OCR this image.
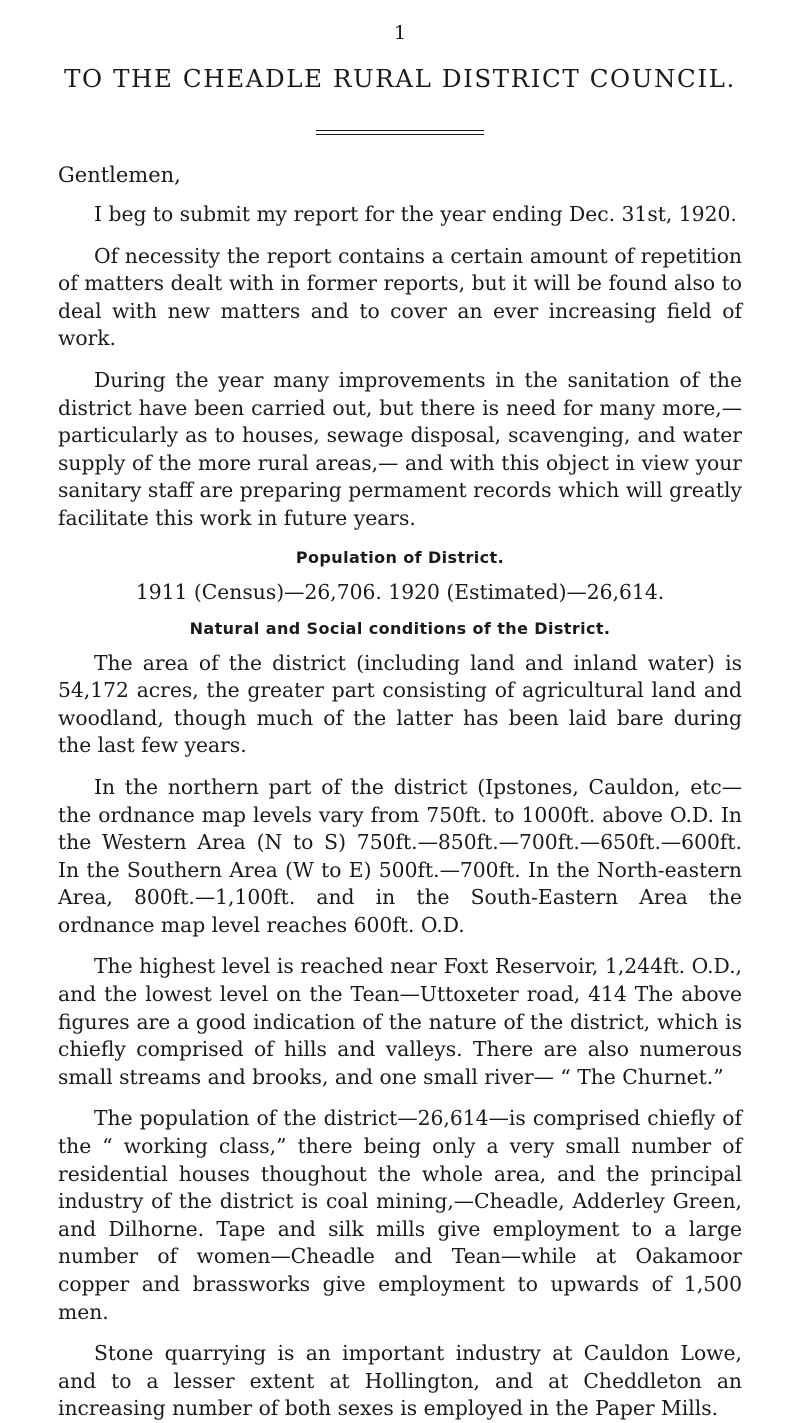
1
TO THE CHEADLE RURAL DISTRICT COUNCIL.
Gentlemen,

I beg to submit my report for the year ending Dec. 31st, 1920.

Of necessity the report contains a certain amount of repetition of matters dealt with in former reports, but it will be found also to deal with new matters and to cover an ever increasing field of work.

During the year many improvements in the sanitation of the district have been carried out, but there is need for many more,— particularly as to houses, sewage disposal, scavenging, and water supply of the more rural areas,— and with this object in view your sanitary staff are preparing permament records which will greatly facilitate this work in future years.

Population of District.
1911 (Census)—26,706. 1920 (Estimated)—26,614.
Natural and Social conditions of the District.

The area of the district (including land and inland water) is 54,172 acres, the greater part consisting of agricultural land and woodland, though much of the latter has been laid bare during the last few years.

In the northern part of the district (Ipstones, Cauldon, etc— the ordnance map levels vary from 750ft. to 1000ft. above O.D. In the Western Area (N to S) 750ft.—850ft.—700ft.—650ft.—600ft. In the Southern Area (W to E) 500ft.—700ft. In the North-eastern Area, 800ft.—1,100ft. and in the South-Eastern Area the ordnance map level reaches 600ft. O.D.

The highest level is reached near Foxt Reservoir, 1,244ft. O.D., and the lowest level on the Tean—Uttoxeter road, 414 The above figures are a good indication of the nature of the district, which is chiefly comprised of hills and valleys. There are also numerous small streams and brooks, and one small river— “ The Churnet.”

The population of the district—26,614—is comprised chiefly of the “ working class,” there being only a very small number of residential houses thoughout the whole area, and the principal industry of the district is coal mining,—Cheadle, Adderley Green, and Dilhorne. Tape and silk mills give employment to a large number of women—Cheadle and Tean—while at Oakamoor copper and brassworks give employment to upwards of 1,500 men.

Stone quarrying is an important industry at Cauldon Lowe, and to a lesser extent at Hollington, and at Cheddleton an increasing number of both sexes is employed in the Paper Mills.
